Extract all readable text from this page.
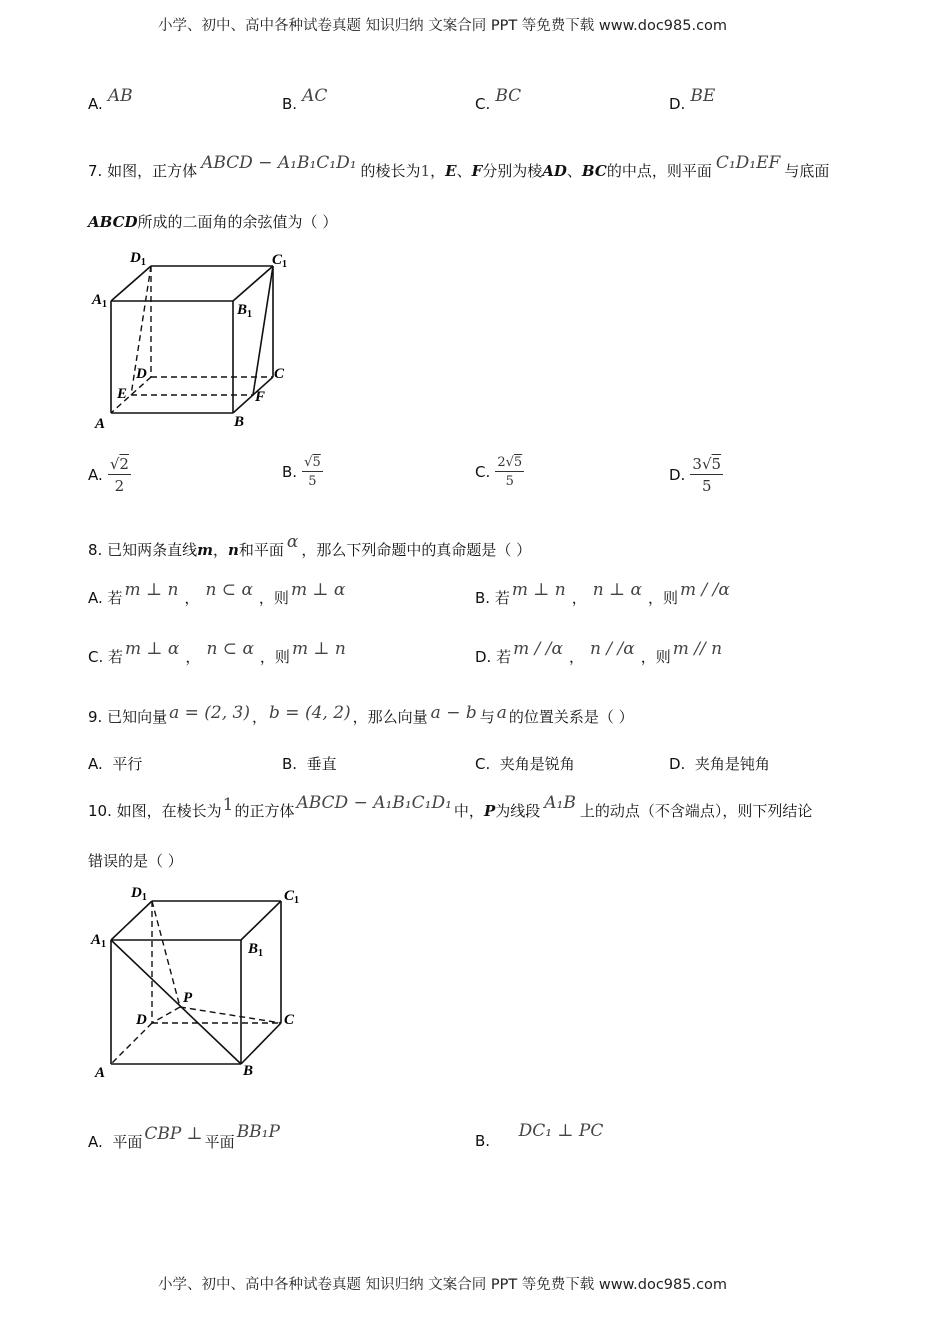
小学、初中、高中各种试卷真题 知识归纳 文案合同 PPT 等免费下载 www.doc985.com
A. AB	B. AC	C. BC	D. BE
7. 如图，正方体 ABCD − A₁B₁C₁D₁ 的棱长为1，E、F分别为棱AD、BC的中点，则平面 C₁D₁EF 与底面
ABCD所成的二面角的余弦值为（ ）
$D_1$	$C_1$
$A_1$	$B_1$
D	C
E	F
A	B
A. $\frac{√2}{2}$	B. $\frac{√5}{5}$	C. $\frac{2√5}{5}$	D. $\frac{3√5}{5}$
8. 已知两条直线m，n和平面 α ，那么下列命题中的真命题是（ ）
A. 若 m ⊥ n ， n ⊂ α ，则 m ⊥ α	B. 若 m ⊥ n ， n ⊥ α ，则 m / /α
C. 若 m ⊥ α ， n ⊂ α ，则 m ⊥ n	D. 若 m / /α ， n / /α ，则 m // n
9. 已知向量 a = (2, 3) ， b = (4, 2) ，那么向量 a − b 与 a 的位置关系是（ ）
A. 平行	B. 垂直	C. 夹角是锐角	D. 夹角是钝角
10. 如图，在棱长为1的正方体 ABCD − A₁B₁C₁D₁ 中，P为线段 A₁B 上的动点（不含端点），则下列结论
错误的是（ ）
$D_1$	$C_1$
$A_1$	$B_1$
P
D	C
A	B
A. 平面 CBP ⊥ 平面 BB₁P	B. DC₁ ⊥ PC
小学、初中、高中各种试卷真题 知识归纳 文案合同 PPT 等免费下载 www.doc985.com
